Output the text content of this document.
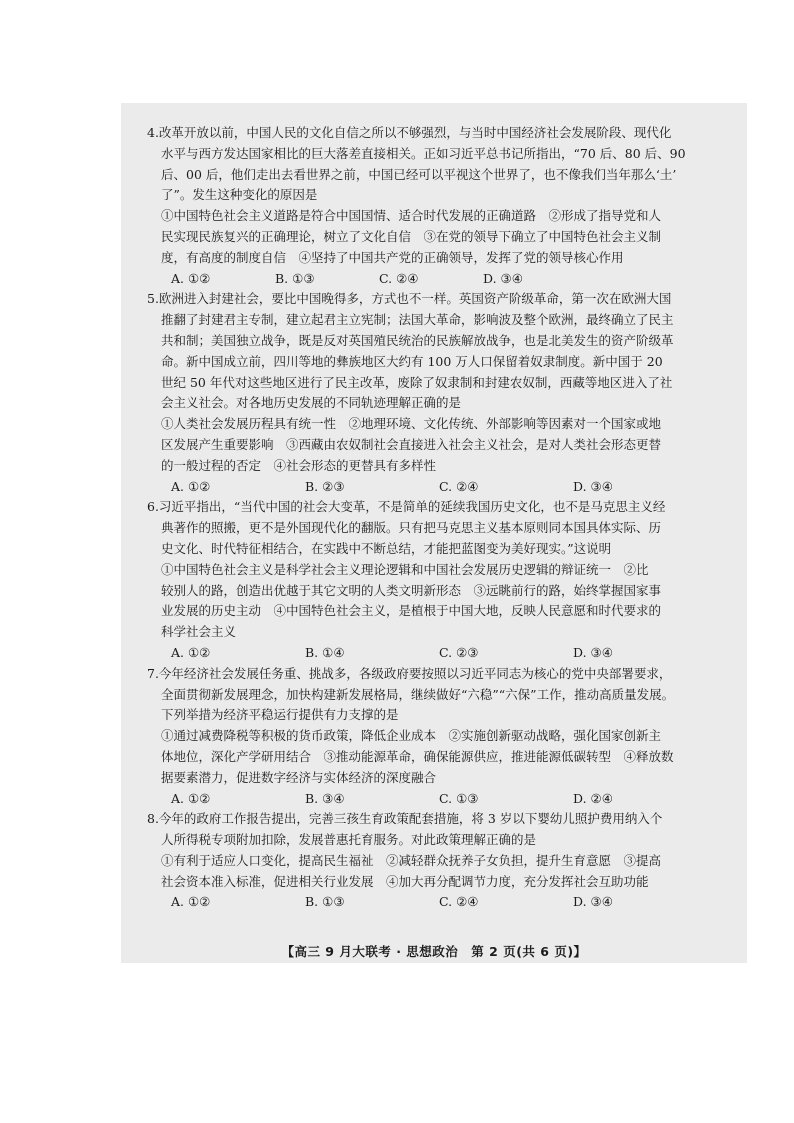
4.改革开放以前，中国人民的文化自信之所以不够强烈，与当时中国经济社会发展阶段、现代化
水平与西方发达国家相比的巨大落差直接相关。正如习近平总书记所指出，“70 后、80 后、90
后、00 后，他们走出去看世界之前，中国已经可以平视这个世界了，也不像我们当年那么‘土’
了”。发生这种变化的原因是
①中国特色社会主义道路是符合中国国情、适合时代发展的正确道路　②形成了指导党和人
民实现民族复兴的正确理论，树立了文化自信　③在党的领导下确立了中国特色社会主义制
度，有高度的制度自信　④坚持了中国共产党的正确领导，发挥了党的领导核心作用
A. ①②	B. ①③	C. ②④	D. ③④
5.欧洲进入封建社会，要比中国晚得多，方式也不一样。英国资产阶级革命，第一次在欧洲大国
推翻了封建君主专制，建立起君主立宪制；法国大革命，影响波及整个欧洲，最终确立了民主
共和制；美国独立战争，既是反对英国殖民统治的民族解放战争，也是北美发生的资产阶级革
命。新中国成立前，四川等地的彝族地区大约有 100 万人口保留着奴隶制度。新中国于 20
世纪 50 年代对这些地区进行了民主改革，废除了奴隶制和封建农奴制，西藏等地区进入了社
会主义社会。对各地历史发展的不同轨迹理解正确的是
①人类社会发展历程具有统一性　②地理环境、文化传统、外部影响等因素对一个国家或地
区发展产生重要影响　③西藏由农奴制社会直接进入社会主义社会，是对人类社会形态更替
的一般过程的否定　④社会形态的更替具有多样性
A. ①②	B. ②③	C. ②④	D. ③④
6.习近平指出，“当代中国的社会大变革，不是简单的延续我国历史文化，也不是马克思主义经
典著作的照搬，更不是外国现代化的翻版。只有把马克思主义基本原则同本国具体实际、历
史文化、时代特征相结合，在实践中不断总结，才能把蓝图变为美好现实。”这说明
①中国特色社会主义是科学社会主义理论逻辑和中国社会发展历史逻辑的辩证统一　②比
较别人的路，创造出优越于其它文明的人类文明新形态　③远眺前行的路，始终掌握国家事
业发展的历史主动　④中国特色社会主义，是植根于中国大地，反映人民意愿和时代要求的
科学社会主义
A. ①②	B. ①④	C. ②③	D. ③④
7.今年经济社会发展任务重、挑战多，各级政府要按照以习近平同志为核心的党中央部署要求，
全面贯彻新发展理念，加快构建新发展格局，继续做好“六稳”“六保”工作，推动高质量发展。
下列举措为经济平稳运行提供有力支撑的是
①通过减费降税等积极的货币政策，降低企业成本　②实施创新驱动战略，强化国家创新主
体地位，深化产学研用结合　③推动能源革命，确保能源供应，推进能源低碳转型　④释放数
据要素潜力，促进数字经济与实体经济的深度融合
A. ①②	B. ③④	C. ①③	D. ②④
8.今年的政府工作报告提出，完善三孩生育政策配套措施，将 3 岁以下婴幼儿照护费用纳入个
人所得税专项附加扣除，发展普惠托育服务。对此政策理解正确的是
①有利于适应人口变化，提高民生福祉　②减轻群众抚养子女负担，提升生育意愿　③提高
社会资本准入标准，促进相关行业发展　④加大再分配调节力度，充分发挥社会互助功能
A. ①②	B. ①③	C. ②④	D. ③④
【高三 9 月大联考 · 思想政治　第 2 页(共 6 页)】
